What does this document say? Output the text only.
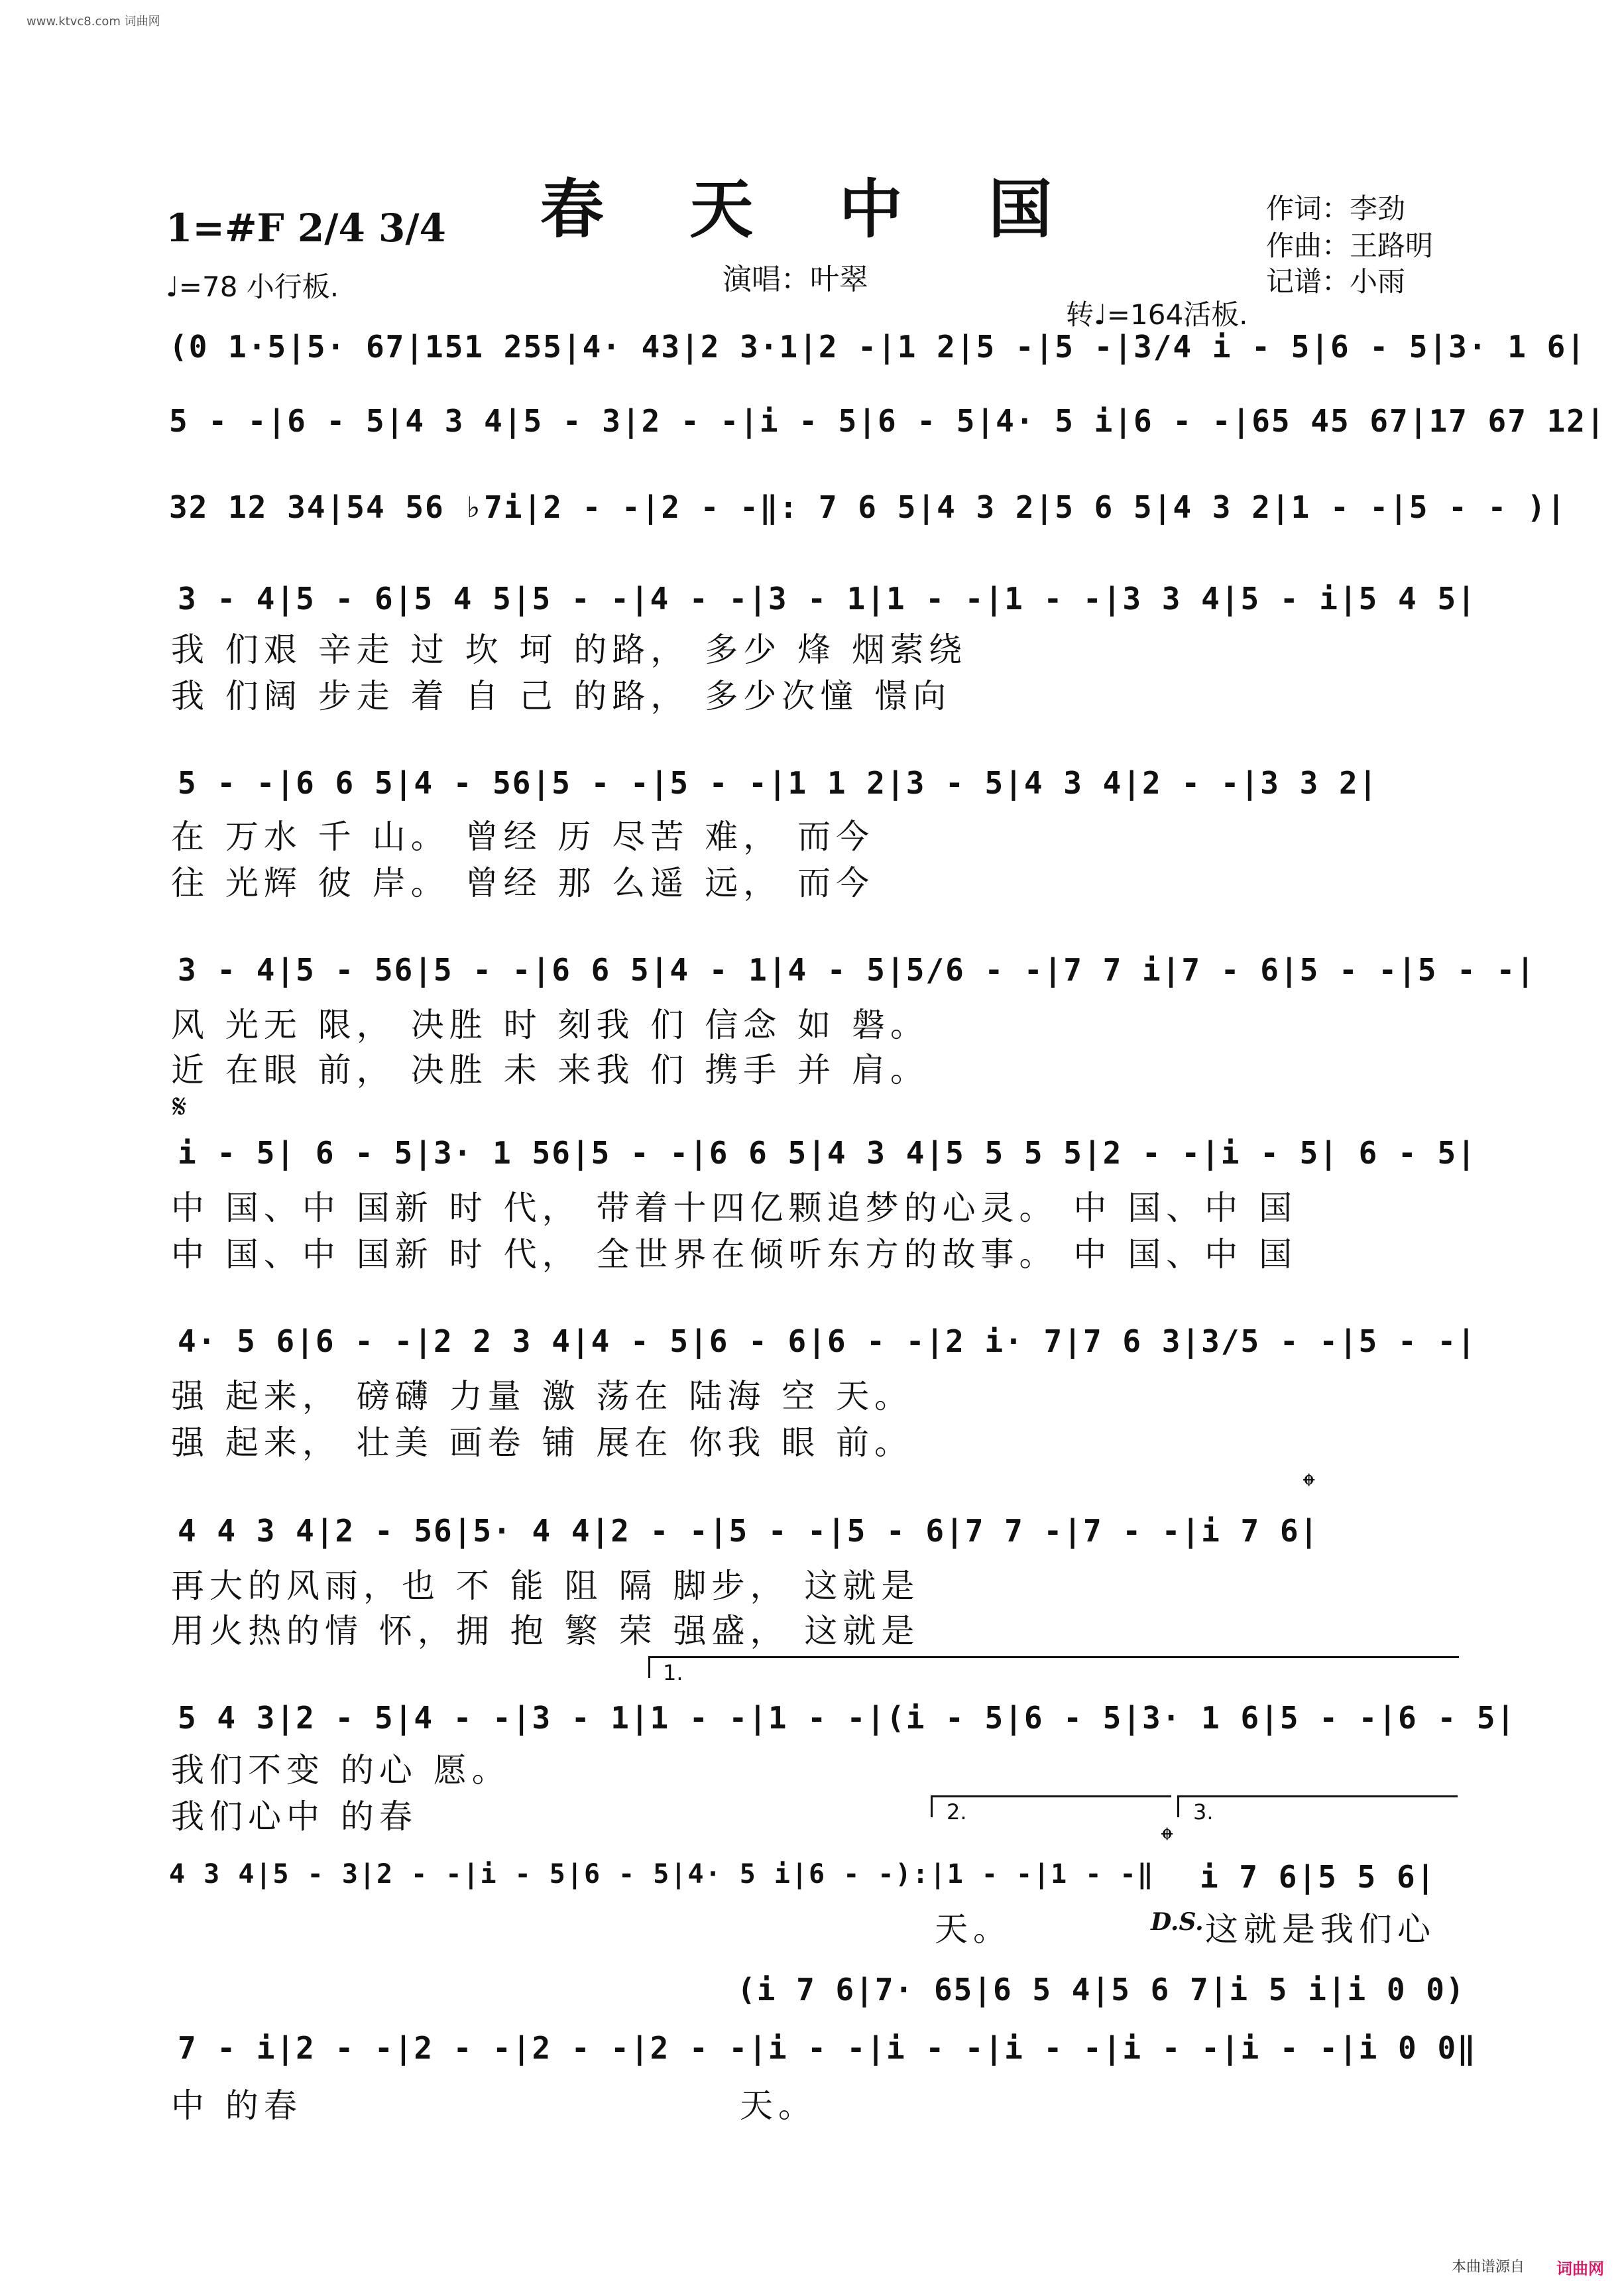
www.ktvc8.com 词曲网
春 天 中 国
1=#F 2/4 3/4
♩=78 小行板.	演唱：叶翠
作词：李劲
作曲：王路明
记谱：小雨
转♩=164活板.
(0 1·5|5· 67|151 255|4· 43|2 3·1|2 -|1 2|5 -|5 -|3/4 i - 5|6 - 5|3· 1 6|
5 - -|6 - 5|4 3 4|5 - 3|2 - -|i - 5|6 - 5|4· 5 i|6 - -|65 45 67|17 67 12|
32 12 34|54 56 ♭7i|2 - -|2 - -‖: 7 6 5|4 3 2|5 6 5|4 3 2|1 - -|5 - - )|
3 - 4|5 - 6|5 4 5|5 - -|4 - -|3 - 1|1 - -|1 - -|3 3 4|5 - i|5 4 5|
我 们艰 辛走 过 坎 坷 的路， 多少 烽 烟萦绕
我 们阔 步走 着 自 己 的路， 多少次憧 憬向
5 - -|6 6 5|4 - 56|5 - -|5 - -|1 1 2|3 - 5|4 3 4|2 - -|3 3 2|
在 万水 千 山。 曾经 历 尽苦 难， 而今
往 光辉 彼 岸。 曾经 那 么遥 远， 而今
3 - 4|5 - 56|5 - -|6 6 5|4 - 1|4 - 5|5/6 - -|7 7 i|7 - 6|5 - -|5 - -|
风 光无 限， 决胜 时 刻我 们 信念 如 磐。
近 在眼 前， 决胜 未 来我 们 携手 并 肩。
𝄋
i - 5| 6 - 5|3· 1 56|5 - -|6 6 5|4 3 4|5 5 5 5|2 - -|i - 5| 6 - 5|
中 国、中 国新 时 代， 带着十四亿颗追梦的心灵。 中 国、中 国
中 国、中 国新 时 代， 全世界在倾听东方的故事。 中 国、中 国
4· 5 6|6 - -|2 2 3 4|4 - 5|6 - 6|6 - -|2 i· 7|7 6 3|3/5 - -|5 - -|
强 起来， 磅礴 力量 激 荡在 陆海 空 天。
强 起来， 壮美 画卷 铺 展在 你我 眼 前。
𝄌
4 4 3 4|2 - 56|5· 4 4|2 - -|5 - -|5 - 6|7 7 -|7 - -|i 7 6|
再大的风雨，也 不 能 阻 隔 脚步， 这就是
用火热的情 怀，拥 抱 繁 荣 强盛， 这就是
1.
5 4 3|2 - 5|4 - -|3 - 1|1 - -|1 - -|(i - 5|6 - 5|3· 1 6|5 - -|6 - 5|
我们不变 的心 愿。
我们心中 的春	2.	3.
𝄌
4 3 4|5 - 3|2 - -|i - 5|6 - 5|4· 5 i|6 - -):|1 - -|1 - -‖ i 7 6|5 5 6|
天。	D.S. 这就是我们心
(i 7 6|7· 65|6 5 4|5 6 7|i 5 i|i 0 0)
7 - i|2 - -|2 - -|2 - -|2 - -|i - -|i - -|i - -|i - -|i - -|i 0 0‖
中 的春	天。
本曲谱源自 词曲网
